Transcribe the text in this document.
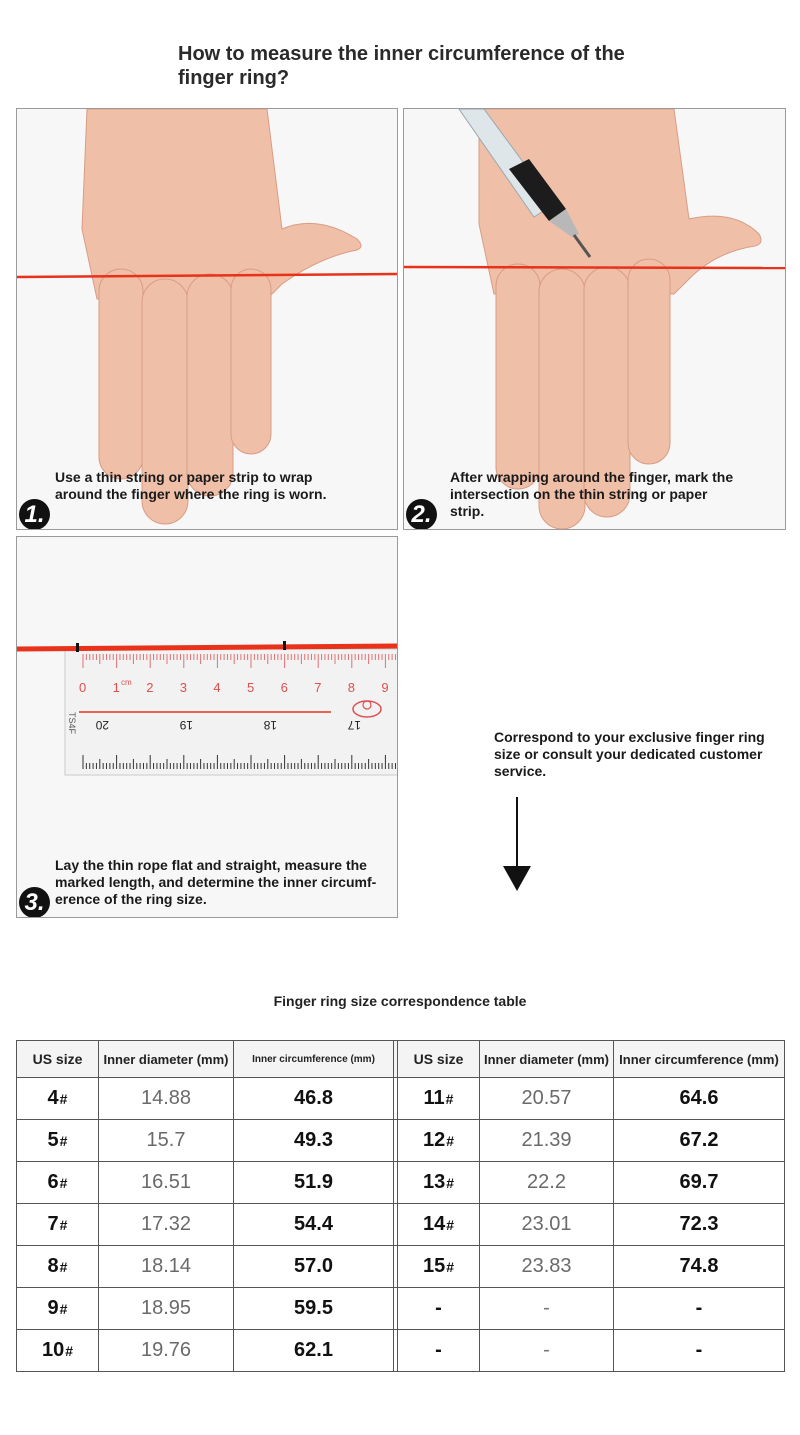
How to measure the inner circumference of the finger ring?
Use a thin string or paper strip to wrap around the finger where the ring is worn.
1.
After wrapping around the finger, mark the intersection on the thin string or paper strip.
2.
0 1 2 3 4 5 6 7 8 9
20	19	18	17
cm
TS4F
Lay the thin rope flat and straight, measure the marked length, and determine the inner circumf-erence of the ring size.
3.
Correspond to your exclusive finger ring size or consult your dedicated customer service.
Finger ring size correspondence table
US size	Inner diameter (mm)	Inner circumference (mm)		US size	Inner diameter (mm)	Inner circumference (mm)
4#	14.88	46.8		11#	20.57	64.6
5#	15.7	49.3		12#	21.39	67.2
6#	16.51	51.9		13#	22.2	69.7
7#	17.32	54.4		14#	23.01	72.3
8#	18.14	57.0		15#	23.83	74.8
9#	18.95	59.5		-	-	-
10#	19.76	62.1		-	-	-
